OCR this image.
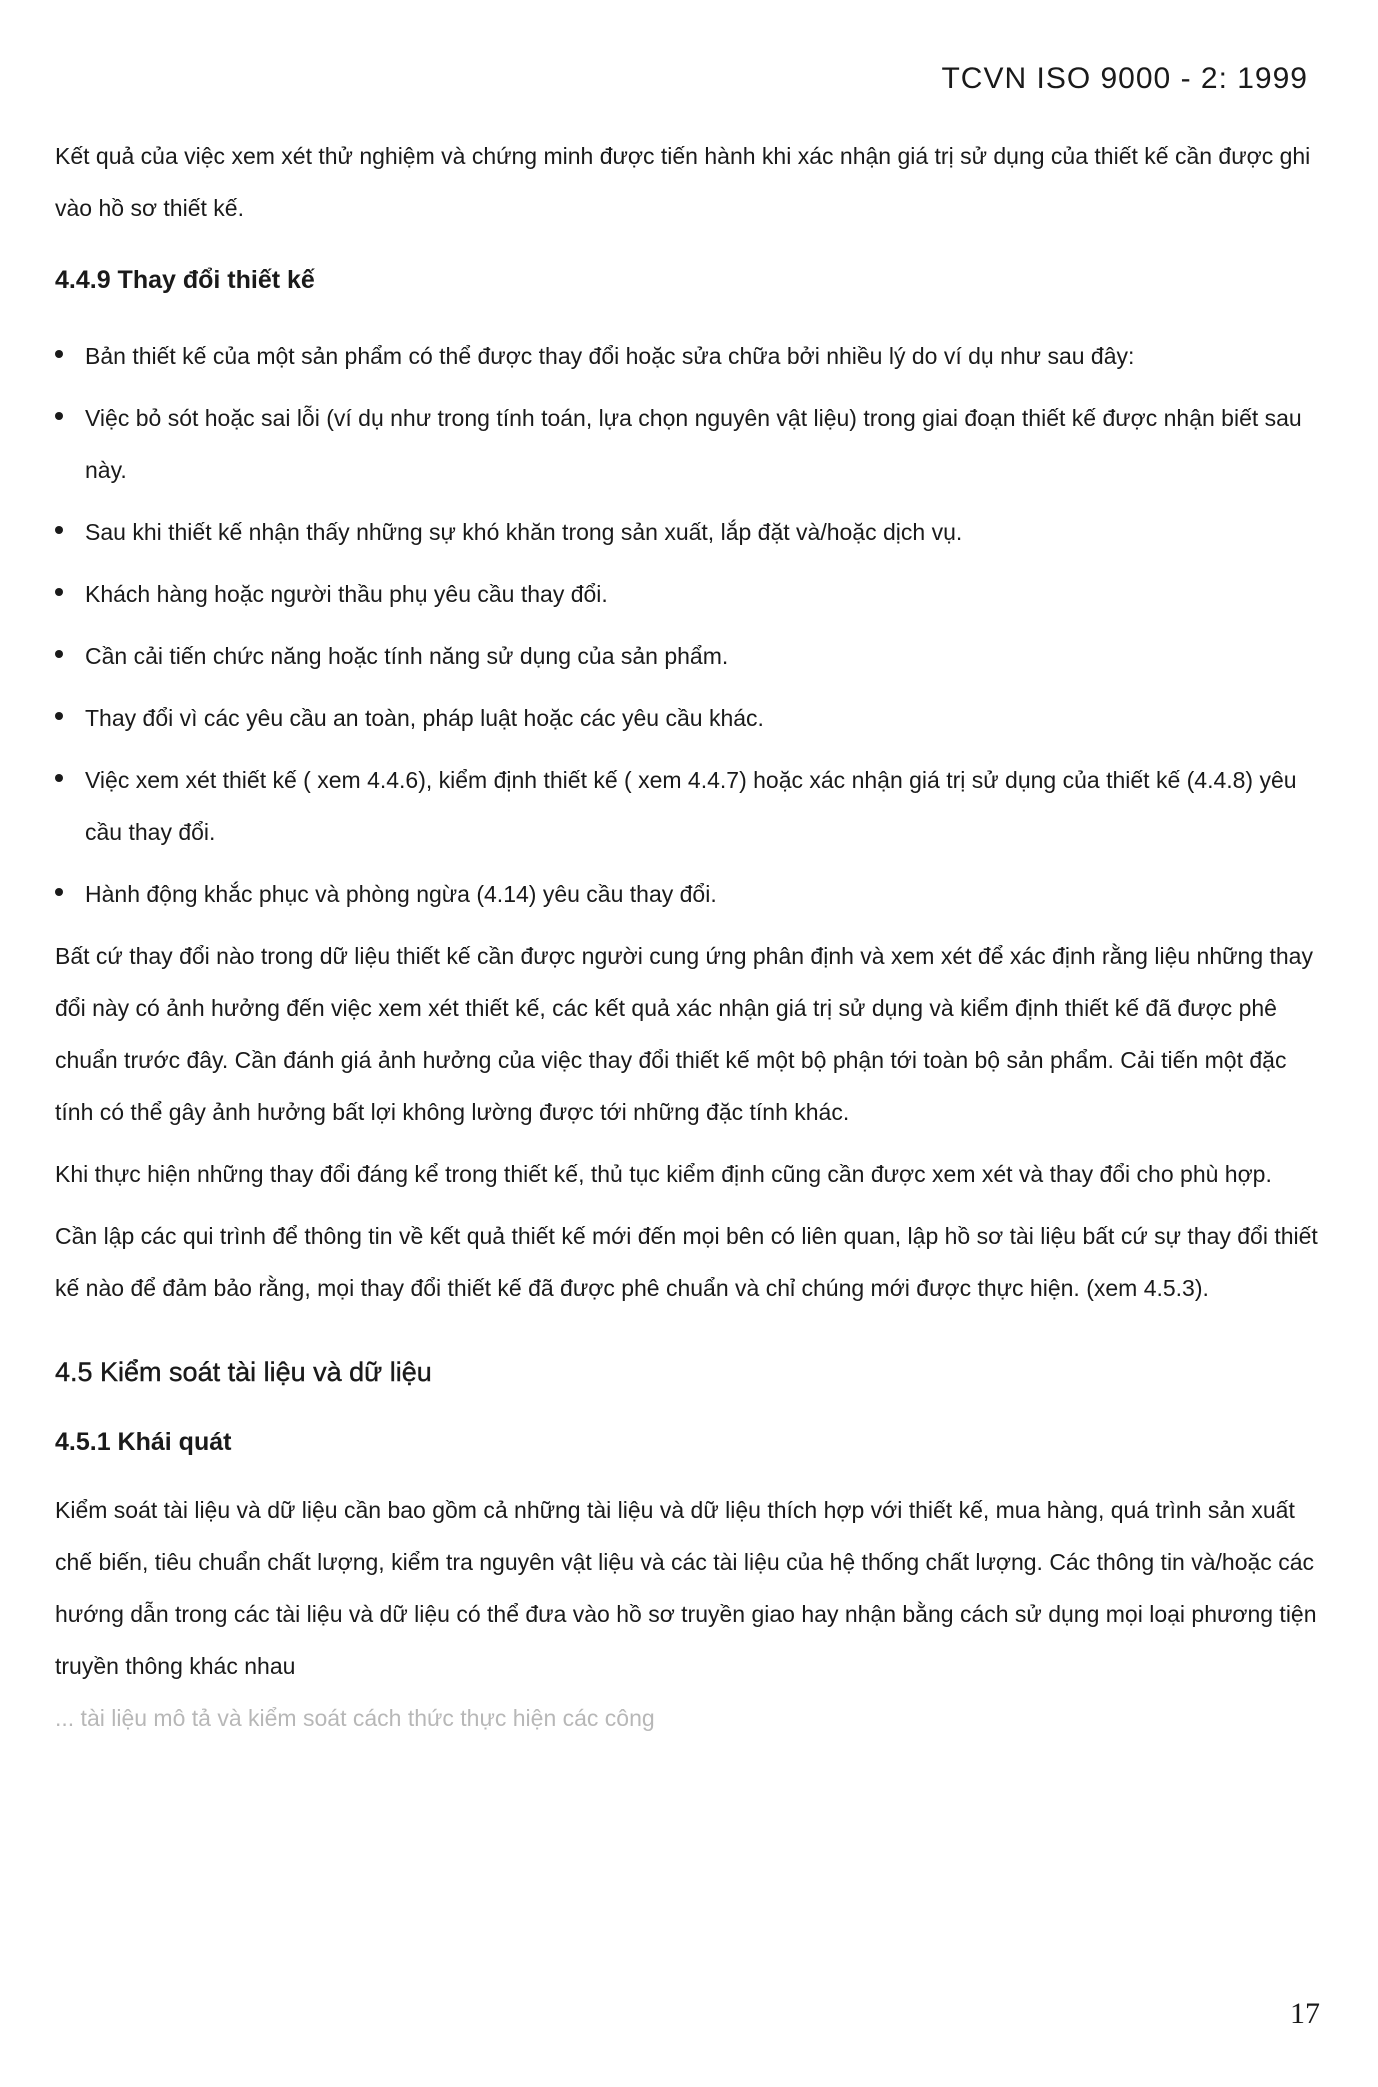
TCVN ISO 9000 - 2: 1999

Kết quả của việc xem xét thử nghiệm và chứng minh được tiến hành khi xác nhận giá trị sử dụng của thiết kế cần được ghi vào hồ sơ thiết kế.

4.4.9 Thay đổi thiết kế
Bản thiết kế của một sản phẩm có thể được thay đổi hoặc sửa chữa bởi nhiều lý do ví dụ như sau đây:
Việc bỏ sót hoặc sai lỗi (ví dụ như trong tính toán, lựa chọn nguyên vật liệu) trong giai đoạn thiết kế được nhận biết sau này.
Sau khi thiết kế nhận thấy những sự khó khăn trong sản xuất, lắp đặt và/hoặc dịch vụ.
Khách hàng hoặc người thầu phụ yêu cầu thay đổi.
Cần cải tiến chức năng hoặc tính năng sử dụng của sản phẩm.
Thay đổi vì các yêu cầu an toàn, pháp luật hoặc các yêu cầu khác.
Việc xem xét thiết kế ( xem 4.4.6), kiểm định thiết kế ( xem 4.4.7) hoặc xác nhận giá trị sử dụng của thiết kế (4.4.8) yêu cầu thay đổi.
Hành động khắc phục và phòng ngừa (4.14) yêu cầu thay đổi.

Bất cứ thay đổi nào trong dữ liệu thiết kế cần được người cung ứng phân định và xem xét để xác định rằng liệu những thay đổi này có ảnh hưởng đến việc xem xét thiết kế, các kết quả xác nhận giá trị sử dụng và kiểm định thiết kế đã được phê chuẩn trước đây. Cần đánh giá ảnh hưởng của việc thay đổi thiết kế một bộ phận tới toàn bộ sản phẩm. Cải tiến một đặc tính có thể gây ảnh hưởng bất lợi không lường được tới những đặc tính khác.

Khi thực hiện những thay đổi đáng kể trong thiết kế, thủ tục kiểm định cũng cần được xem xét và thay đổi cho phù hợp.

Cần lập các qui trình để thông tin về kết quả thiết kế mới đến mọi bên có liên quan, lập hồ sơ tài liệu bất cứ sự thay đổi thiết kế nào để đảm bảo rằng, mọi thay đổi thiết kế đã được phê chuẩn và chỉ chúng mới được thực hiện. (xem 4.5.3).

4.5 Kiểm soát tài liệu và dữ liệu
4.5.1 Khái quát

Kiểm soát tài liệu và dữ liệu cần bao gồm cả những tài liệu và dữ liệu thích hợp với thiết kế, mua hàng, quá trình sản xuất chế biến, tiêu chuẩn chất lượng, kiểm tra nguyên vật liệu và các tài liệu của hệ thống chất lượng. Các thông tin và/hoặc các hướng dẫn trong các tài liệu và dữ liệu có thể đưa vào hồ sơ truyền giao hay nhận bằng cách sử dụng mọi loại phương tiện truyền thông khác nhau

... tài liệu mô tả và kiểm soát cách thức thực hiện các công

17
